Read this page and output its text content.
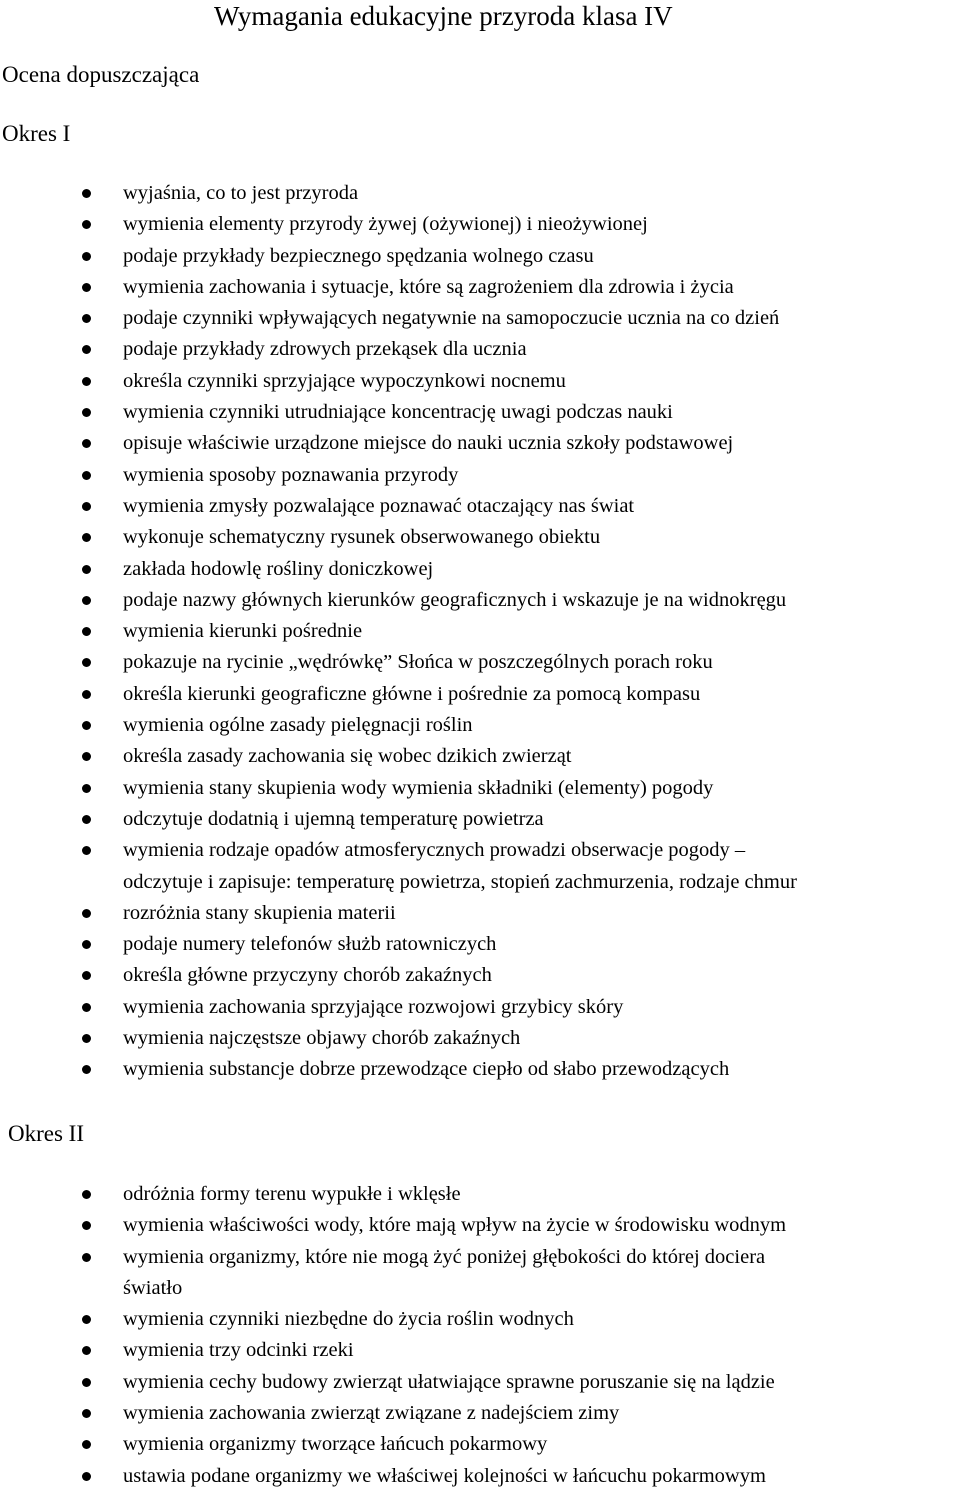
Wymagania edukacyjne przyroda klasa IV
Ocena dopuszczająca
Okres I
wyjaśnia, co to jest przyroda
wymienia elementy przyrody żywej (ożywionej) i nieożywionej
podaje przykłady bezpiecznego spędzania wolnego czasu
wymienia zachowania i sytuacje, które są zagrożeniem dla zdrowia i życia
podaje czynniki wpływających negatywnie na samopoczucie ucznia na co dzień
podaje przykłady zdrowych przekąsek dla ucznia
określa czynniki sprzyjające wypoczynkowi nocnemu
wymienia czynniki utrudniające koncentrację uwagi podczas nauki
opisuje właściwie urządzone miejsce do nauki ucznia szkoły podstawowej
wymienia sposoby poznawania przyrody
wymienia zmysły pozwalające poznawać otaczający nas świat
wykonuje schematyczny rysunek obserwowanego obiektu
zakłada hodowlę rośliny doniczkowej
podaje nazwy głównych kierunków geograficznych i wskazuje je na widnokręgu
wymienia kierunki pośrednie
pokazuje na rycinie „wędrówkę” Słońca w poszczególnych porach roku
określa kierunki geograficzne główne i pośrednie za pomocą kompasu
wymienia ogólne zasady pielęgnacji roślin
określa zasady zachowania się wobec dzikich zwierząt
wymienia stany skupienia wody wymienia składniki (elementy) pogody
odczytuje dodatnią i ujemną temperaturę powietrza
wymienia rodzaje opadów atmosferycznych prowadzi obserwacje pogody –
odczytuje i zapisuje: temperaturę powietrza, stopień zachmurzenia, rodzaje chmur
rozróżnia stany skupienia materii
podaje numery telefonów służb ratowniczych
określa główne przyczyny chorób zakaźnych
wymienia zachowania sprzyjające rozwojowi grzybicy skóry
wymienia najczęstsze objawy chorób zakaźnych
wymienia substancje dobrze przewodzące ciepło od słabo przewodzących
Okres II
odróżnia formy terenu wypukłe i wklęsłe
wymienia właściwości wody, które mają wpływ na życie w środowisku wodnym
wymienia organizmy, które nie mogą żyć poniżej głębokości do której dociera
światło
wymienia czynniki niezbędne do życia roślin wodnych
wymienia trzy odcinki rzeki
wymienia cechy budowy zwierząt ułatwiające sprawne poruszanie się na lądzie
wymienia zachowania zwierząt związane z nadejściem zimy
wymienia organizmy tworzące łańcuch pokarmowy
ustawia podane organizmy we właściwej kolejności w łańcuchu pokarmowym
